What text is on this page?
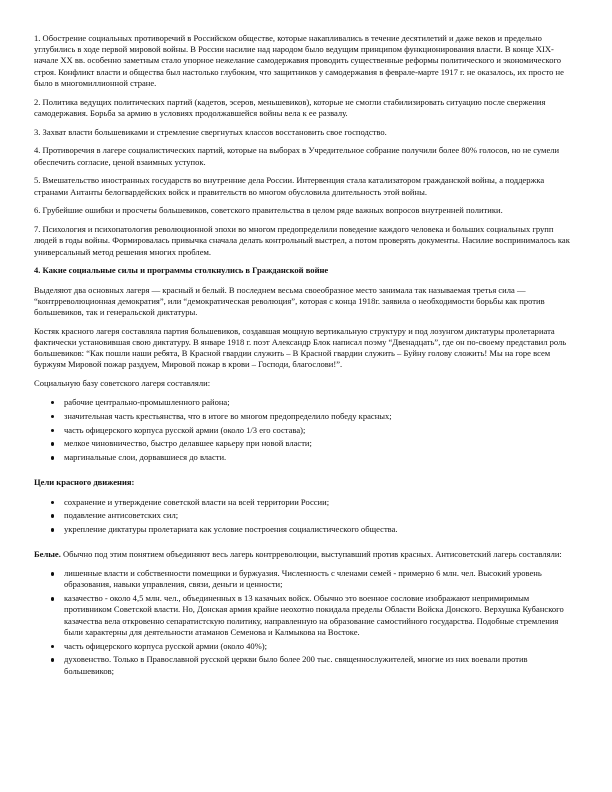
1. Обострение социальных противоречий в Российском обществе, которые накапливались в течение десятилетий и даже веков и предельно углубились в ходе первой мировой войны. В России насилие над народом было ведущим принципом функционирования власти. В конце XIX-начале XX вв. особенно заметным стало упорное нежелание самодержавия проводить существенные реформы политического и экономического строя. Конфликт власти и общества был настолько глубоким, что защитников у самодержавия в феврале-марте 1917 г. не оказалось, их просто не было в многомиллионной стране.

2. Политика ведущих политических партий (кадетов, эсеров, меньшевиков), которые не смогли стабилизировать ситуацию после свержения самодержавия. Борьба за армию в условиях продолжавшейся войны вела к ее развалу.

3. Захват власти большевиками и стремление свергнутых классов восстановить свое господство.

4. Противоречия в лагере социалистических партий, которые на выборах в Учредительное собрание получили более 80% голосов, но не сумели обеспечить согласие, ценой взаимных уступок.

5. Вмешательство иностранных государств во внутренние дела России. Интервенция стала катализатором гражданской войны, а поддержка странами Антанты белогвардейских войск и правительств во многом обусловила длительность этой войны.

6. Грубейшие ошибки и просчеты большевиков, советского правительства в целом ряде важных вопросов внутренней политики.

7. Психология и психопатология революционной эпохи во многом предопределили поведение каждого человека и больших социальных групп людей в годы войны. Формировалась привычка сначала делать контрольный выстрел, а потом проверять документы. Насилие воспринималось как универсальный метод решения многих проблем.

4. Какие социальные силы и программы столкнулись в Гражданской войне

Выделяют два основных лагеря — красный и белый. В последнем весьма своеобразное место занимала так называемая третья сила — “контрреволюционная демократия”, или “демократическая революция”, которая с конца 1918г. заявила о необходимости борьбы как против большевиков, так и генеральской диктатуры.

Костяк красного лагеря составляла партия большевиков, создавшая мощную вертикальную структуру и под лозунгом диктатуры пролетариата фактически установившая свою диктатуру. В январе 1918 г. поэт Александр Блок написал поэму “Двенадцать”, где он по-своему представил роль большевиков: “Как пошли наши ребята, В Красной гвардии служить – В Красной гвардии служить – Буйну голову сложить! Мы на горе всем буржуям Мировой пожар раздуем, Мировой пожар в крови – Господи, благослови!”.

Социальную базу советского лагеря составляли:

рабочие центрально-промышленного района;
значительная часть крестьянства, что в итоге во многом предопределило победу красных;
часть офицерского корпуса русской армии (около 1/3 его состава);
мелкое чиновничество, быстро делавшее карьеру при новой власти;
маргинальные слои, дорвавшиеся до власти.

Цели красного движения:

сохранение и утверждение советской власти на всей территории России;
подавление антисоветских сил;
укрепление диктатуры пролетариата как условие построения социалистического общества.

Белые. Обычно под этим понятием объединяют весь лагерь контрреволюции, выступавший против красных. Антисоветский лагерь составляли:

лишенные власти и собственности помещики и буржуазия. Численность с членами семей - примерно 6 млн. чел. Высокий уровень образования, навыки управления, связи, деньги и ценности;
казачество - около 4,5 млн. чел., объединенных в 13 казачьих войск. Обычно это военное сословие изображают непримиримым противником Советской власти. Но, Донская армия крайне неохотно покидала пределы Области Войска Донского. Верхушка Кубанского казачества вела откровенно сепаратистскую политику, направленную на образование самостийного государства. Подобные стремления были характерны для деятельности атаманов Семенова и Калмыкова на Востоке.
часть офицерского корпуса русской армии (около 40%);
духовенство. Только в Православной русской церкви было более 200 тыс. священнослужителей, многие из них воевали против большевиков;
